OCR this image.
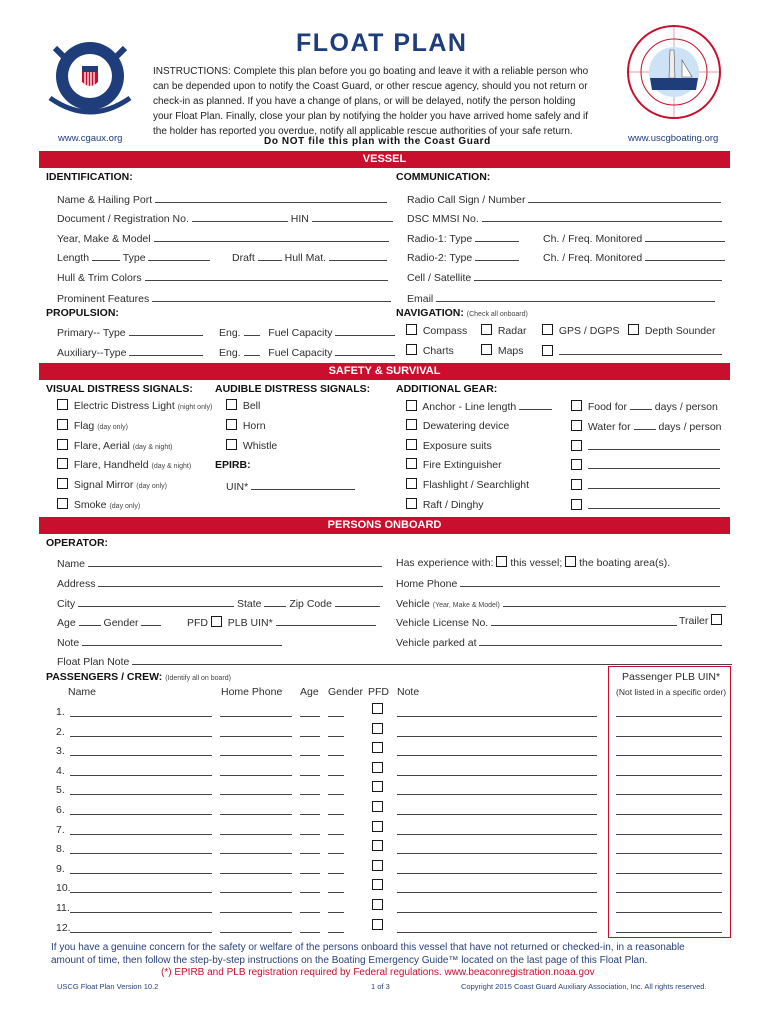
www.cgaux.org
FLOAT PLAN
INSTRUCTIONS: Complete this plan before you go boating and leave it with a reliable person who
can be depended upon to notify the Coast Guard, or other rescue agency, should you not return or
check-in as planned. If you have a change of plans, or will be delayed, notify the person holding
your Float Plan. Finally, close your plan by notifying the holder you have arrived home safely and if
the holder has reported you overdue, notify all applicable rescue authorities of your safe return.
Do NOT file this plan with the Coast Guard	www.uscgboating.org
VESSEL
IDENTIFICATION:	COMMUNICATION:
Name & Hailing Port
Document / Registration No.	HIN
Year, Make & Model
Length	Type	Draft	Hull Mat.
Hull & Trim Colors
Prominent Features
Radio Call Sign / Number
DSC MMSI No.
Radio-1: Type	Ch. / Freq. Monitored
Radio-2: Type	Ch. / Freq. Monitored
Cell / Satellite
Email
PROPULSION:
Primary-- Type	Eng.	Fuel Capacity
Auxiliary--Type	Eng.	Fuel Capacity
NAVIGATION: (Check all onboard)
Compass	Radar	GPS / DGPS	Depth Sounder
Charts	Maps

SAFETY & SURVIVAL
VISUAL DISTRESS SIGNALS: AUDIBLE DISTRESS SIGNALS: ADDITIONAL GEAR:
Electric Distress Light (night only)
Flag (day only)
Flare, Aerial (day & night)
Flare, Handheld (day & night)
Signal Mirror (day only)
Smoke (day only)
Bell
Horn
Whistle
EPIRB:
UIN*
Anchor - Line length
Dewatering device
Exposure suits
Fire Extinguisher
Flashlight / Searchlight
Raft / Dinghy
Food for	days / person
Water for	days / person

PERSONS ONBOARD
OPERATOR:
Name
Address
City	State	Zip Code
Age	Gender	PFD PLB UIN*
Note
Has experience with: this vessel; the boating area(s).
Home Phone
Vehicle (Year, Make & Model)
Vehicle License No.	Trailer
Vehicle parked at
Float Plan Note
PASSENGERS / CREW: (Identify all on board)
Name	Home Phone Age Gender PFD Note
Passenger PLB UIN*
(Not listed in a specific order)
1.
2.
3.
4.
5.
6.
7.
8.
9.
10.
11.
12.
If you have a genuine concern for the safety or welfare of the persons onboard this vessel that have not returned or checked-in, in a reasonable
amount of time, then follow the step-by-step instructions on the Boating Emergency Guide™ located on the last page of this Float Plan.
(*) EPIRB and PLB registration required by Federal regulations. www.beaconregistration.noaa.gov
USCG Float Plan Version 10.2	1 of 3	Copyright 2015 Coast Guard Auxiliary Association, Inc. All rights reserved.
